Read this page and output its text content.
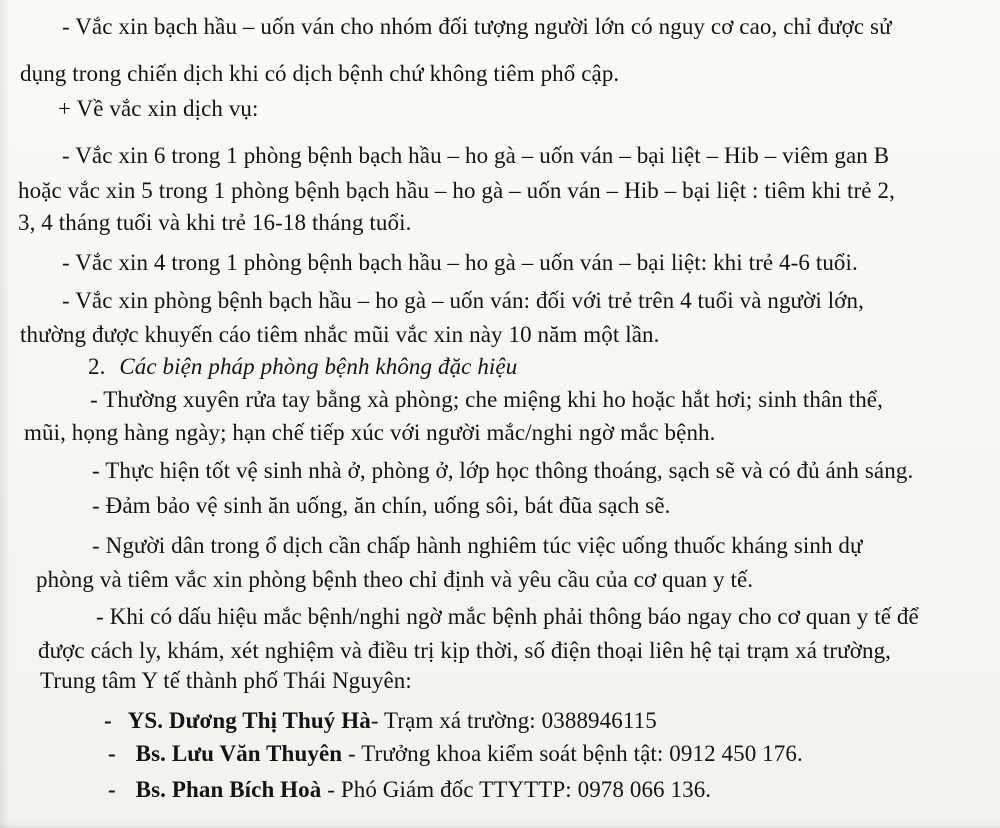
- Vắc xin bạch hầu – uốn ván cho nhóm đối tượng người lớn có nguy cơ cao, chỉ được sử
dụng trong chiến dịch khi có dịch bệnh chứ không tiêm phổ cập.
+ Về vắc xin dịch vụ:
- Vắc xin 6 trong 1 phòng bệnh bạch hầu – ho gà – uốn ván – bại liệt – Hib – viêm gan B
hoặc vắc xin 5 trong 1 phòng bệnh bạch hầu – ho gà – uốn ván – Hib – bại liệt : tiêm khi trẻ 2,
3, 4 tháng tuổi và khi trẻ 16-18 tháng tuổi.
- Vắc xin 4 trong 1 phòng bệnh bạch hầu – ho gà – uốn ván – bại liệt: khi trẻ 4-6 tuổi.
- Vắc xin phòng bệnh bạch hầu – ho gà – uốn ván: đối với trẻ trên 4 tuổi và người lớn,
thường được khuyến cáo tiêm nhắc mũi vắc xin này 10 năm một lần.
2. Các biện pháp phòng bệnh không đặc hiệu
- Thường xuyên rửa tay bằng xà phòng; che miệng khi ho hoặc hắt hơi; sinh thân thể,
mũi, họng hàng ngày; hạn chế tiếp xúc với người mắc/nghi ngờ mắc bệnh.
- Thực hiện tốt vệ sinh nhà ở, phòng ở, lớp học thông thoáng, sạch sẽ và có đủ ánh sáng.
- Đảm bảo vệ sinh ăn uống, ăn chín, uống sôi, bát đũa sạch sẽ.
- Người dân trong ổ dịch cần chấp hành nghiêm túc việc uống thuốc kháng sinh dự
phòng và tiêm vắc xin phòng bệnh theo chỉ định và yêu cầu của cơ quan y tế.
- Khi có dấu hiệu mắc bệnh/nghi ngờ mắc bệnh phải thông báo ngay cho cơ quan y tế để
được cách ly, khám, xét nghiệm và điều trị kịp thời, số điện thoại liên hệ tại trạm xá trường,
Trung tâm Y tế thành phố Thái Nguyên:
- YS. Dương Thị Thuý Hà- Trạm xá trường: 0388946115
- Bs. Lưu Văn Thuyên - Trưởng khoa kiểm soát bệnh tật: 0912 450 176.
- Bs. Phan Bích Hoà - Phó Giám đốc TTYTTP: 0978 066 136.
